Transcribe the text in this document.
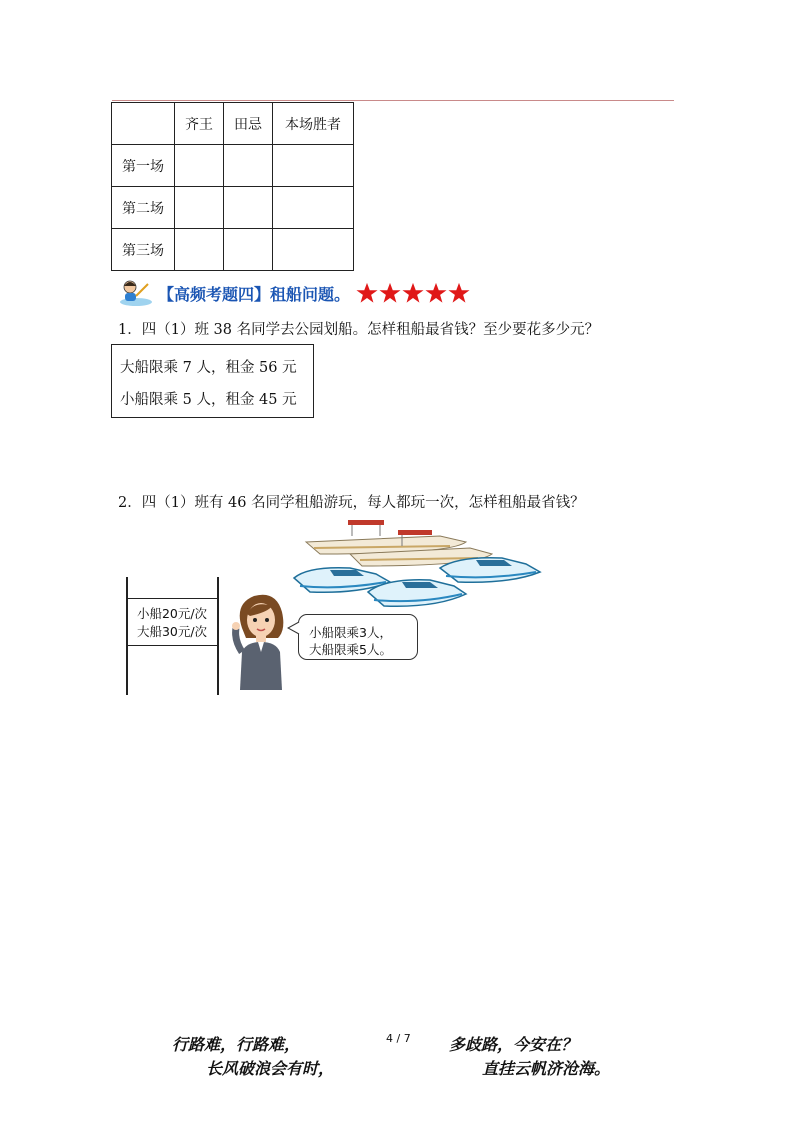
	齐王	田忌	本场胜者
第一场			
第二场			
第三场			
【高频考题四】租船问题。
1．四（1）班 38 名同学去公园划船。怎样租船最省钱？至少要花多少元？
大船限乘 7 人，租金 56 元
小船限乘 5 人，租金 45 元
2．四（1）班有 46 名同学租船游玩，每人都玩一次，怎样租船最省钱？
小船20元/次
大船30元/次	小船限乘3人，
大船限乘5人。
行路难，行路难，	4 / 7 多歧路，今安在？
长风破浪会有时，	直挂云帆济沧海。
